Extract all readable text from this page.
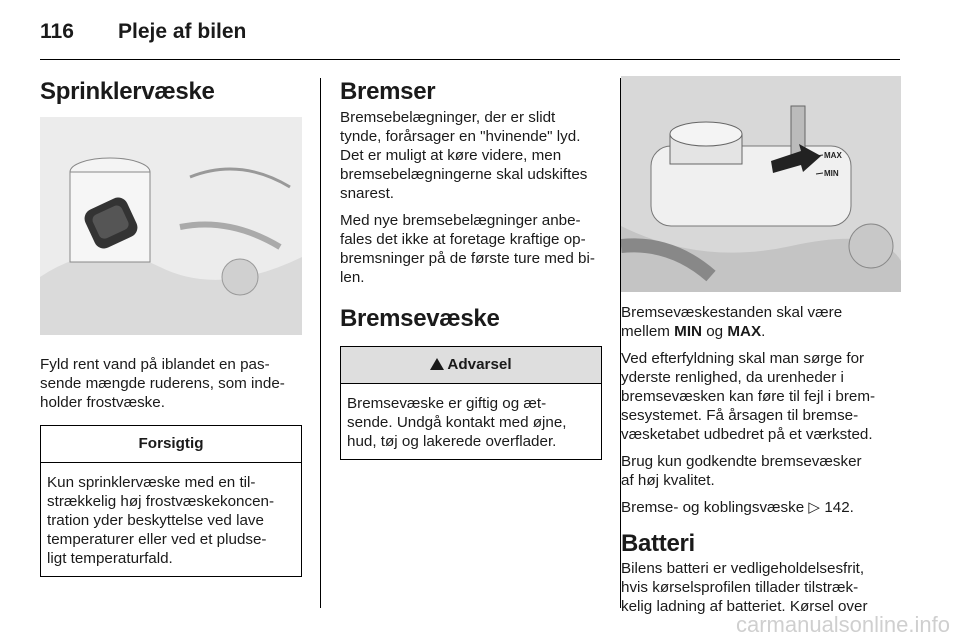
116 Pleje af bilen
Sprinklervæske

Fyld rent vand på iblandet en pas-
sende mængde ruderens, som inde-
holder frostvæske.

Forsigtig
Kun sprinklervæske med en til-
strækkelig høj frostvæskekoncen-
tration yder beskyttelse ved lave
temperaturer eller ved et pludse-
ligt temperaturfald.
Bremser

Bremsebelægninger, der er slidt
tynde, forårsager en "hvinende" lyd.
Det er muligt at køre videre, men
bremsebelægningerne skal udskiftes
snarest.

Med nye bremsebelægninger anbe-
fales det ikke at foretage kraftige op-
bremsninger på de første ture med bi-
len.

Bremsevæske
Advarsel
Bremsevæske er giftig og æt-
sende. Undgå kontakt med øjne,
hud, tøj og lakerede overflader.
MAX
MIN

Bremsevæskestanden skal være
mellem MIN og MAX.

Ved efterfyldning skal man sørge for
yderste renlighed, da urenheder i
bremsevæsken kan føre til fejl i brem-
sesystemet. Få årsagen til bremse-
væsketabet udbedret på et værksted.

Brug kun godkendte bremsevæsker
af høj kvalitet.

Bremse- og koblingsvæske ▷ 142.

Batteri

Bilens batteri er vedligeholdelsesfrit,
hvis kørselsprofilen tillader tilstræk-
kelig ladning af batteriet. Kørsel over

carmanualsonline.info
